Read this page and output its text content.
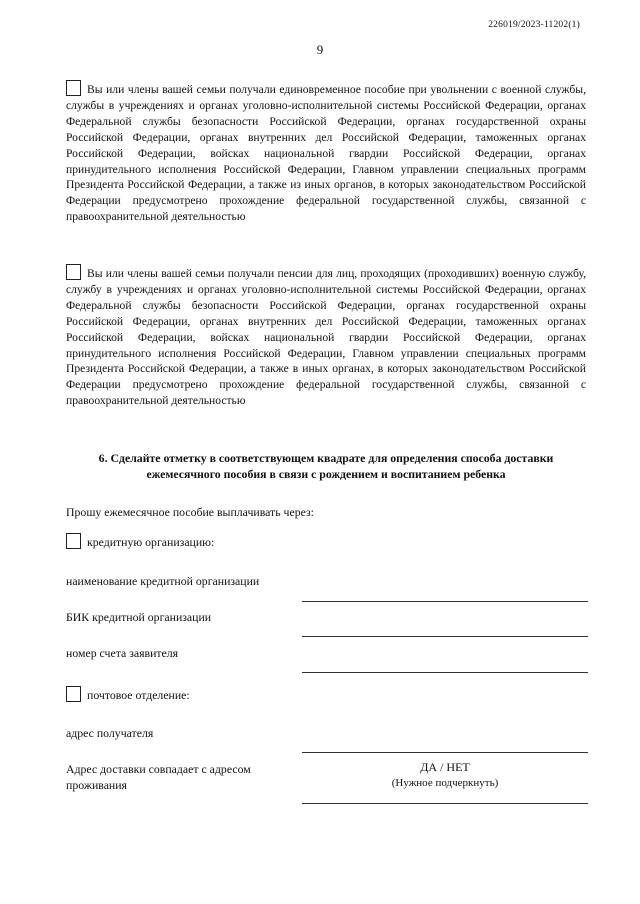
226019/2023-11202(1)
9

Вы или члены вашей семьи получали единовременное пособие при увольнении с военной службы, службы в учреждениях и органах уголовно-исполнительной системы Российской Федерации, органах Федеральной службы безопасности Российской Федерации, органах государственной охраны Российской Федерации, органах внутренних дел Российской Федерации, таможенных органах Российской Федерации, войсках национальной гвардии Российской Федерации, органах принудительного исполнения Российской Федерации, Главном управлении специальных программ Президента Российской Федерации, а также из иных органов, в которых законодательством Российской Федерации предусмотрено прохождение федеральной государственной службы, связанной с правоохранительной деятельностью

Вы или члены вашей семьи получали пенсии для лиц, проходящих (проходивших) военную службу, службу в учреждениях и органах уголовно-исполнительной системы Российской Федерации, органах Федеральной службы безопасности Российской Федерации, органах государственной охраны Российской Федерации, органах внутренних дел Российской Федерации, таможенных органах Российской Федерации, войсках национальной гвардии Российской Федерации, органах принудительного исполнения Российской Федерации, Главном управлении специальных программ Президента Российской Федерации, а также в иных органах, в которых законодательством Российской Федерации предусмотрено прохождение федеральной государственной службы, связанной с правоохранительной деятельностью

6. Сделайте отметку в соответствующем квадрате для определения способа доставки
ежемесячного пособия в связи с рождением и воспитанием ребенка
Прошу ежемесячное пособие выплачивать через:
кредитную организацию:
наименование кредитной организации
БИК кредитной организации
номер счета заявителя
почтовое отделение:
адрес получателя
Адрес доставки совпадает с адресом
проживания
ДА / НЕТ
(Нужное подчеркнуть)
